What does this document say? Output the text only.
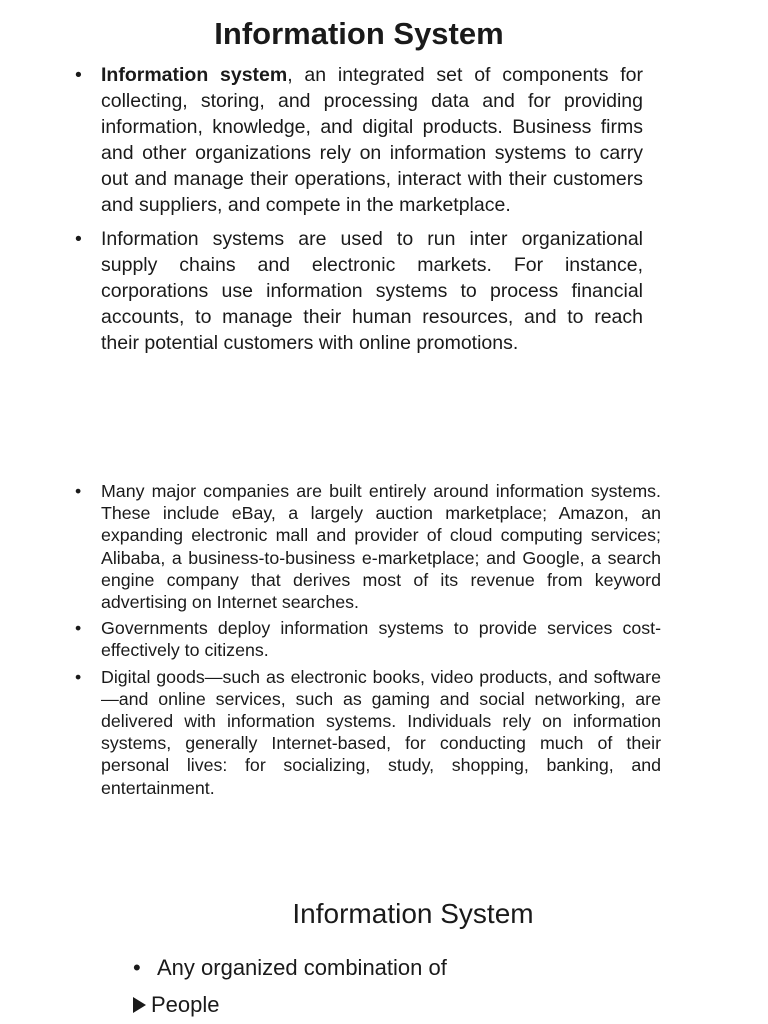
Information System
• Information system, an integrated set of components for collecting, storing, and processing data and for providing information, knowledge, and digital products. Business firms and other organizations rely on information systems to carry out and manage their operations, interact with their customers and suppliers, and compete in the marketplace.
• Information systems are used to run inter organizational supply chains and electronic markets. For instance, corporations use information systems to process financial accounts, to manage their human resources, and to reach their potential customers with online promotions.
• Many major companies are built entirely around information systems. These include eBay, a largely auction marketplace; Amazon, an expanding electronic mall and provider of cloud computing services; Alibaba, a business-to-business e-marketplace; and Google, a search engine company that derives most of its revenue from keyword advertising on Internet searches.
• Governments deploy information systems to provide services cost-effectively to citizens.
• Digital goods—such as electronic books, video products, and software—and online services, such as gaming and social networking, are delivered with information systems. Individuals rely on information systems, generally Internet-based, for conducting much of their personal lives: for socializing, study, shopping, banking, and entertainment.
Information System
• Any organized combination of
People
